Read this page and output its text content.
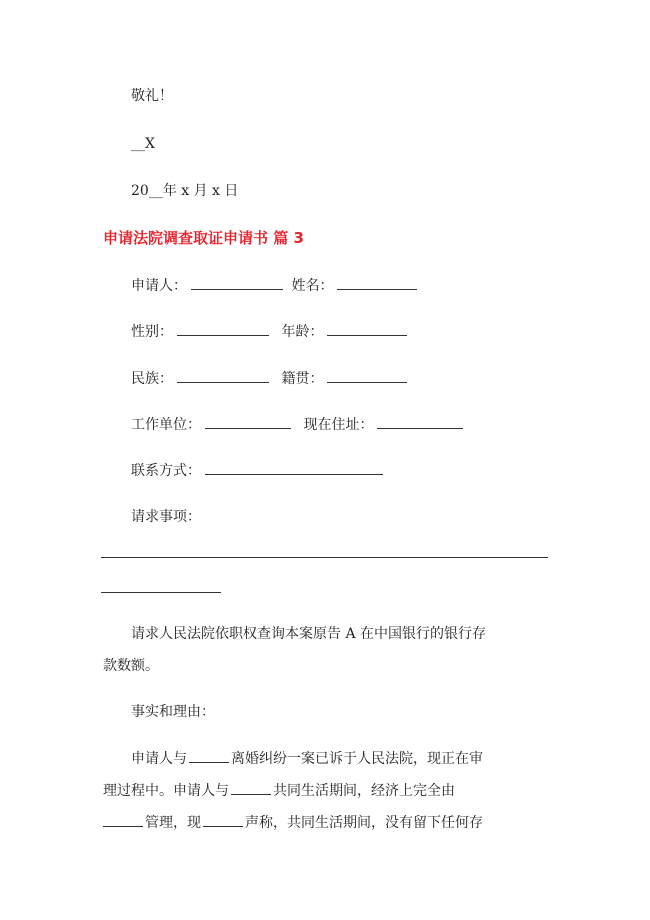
敬礼！
__X
20__年 x 月 x 日
申请法院调查取证申请书 篇 3
申请人：	姓名：
性别：	年龄：
民族：	籍贯：
工作单位：	现在住址：
联系方式：
请求事项：
请求人民法院依职权查询本案原告 A 在中国银行的银行存
款数额。
事实和理由：
申请人与	离婚纠纷一案已诉于人民法院，现正在审
理过程中。申请人与	共同生活期间，经济上完全由
管理，现	声称，共同生活期间，没有留下任何存
